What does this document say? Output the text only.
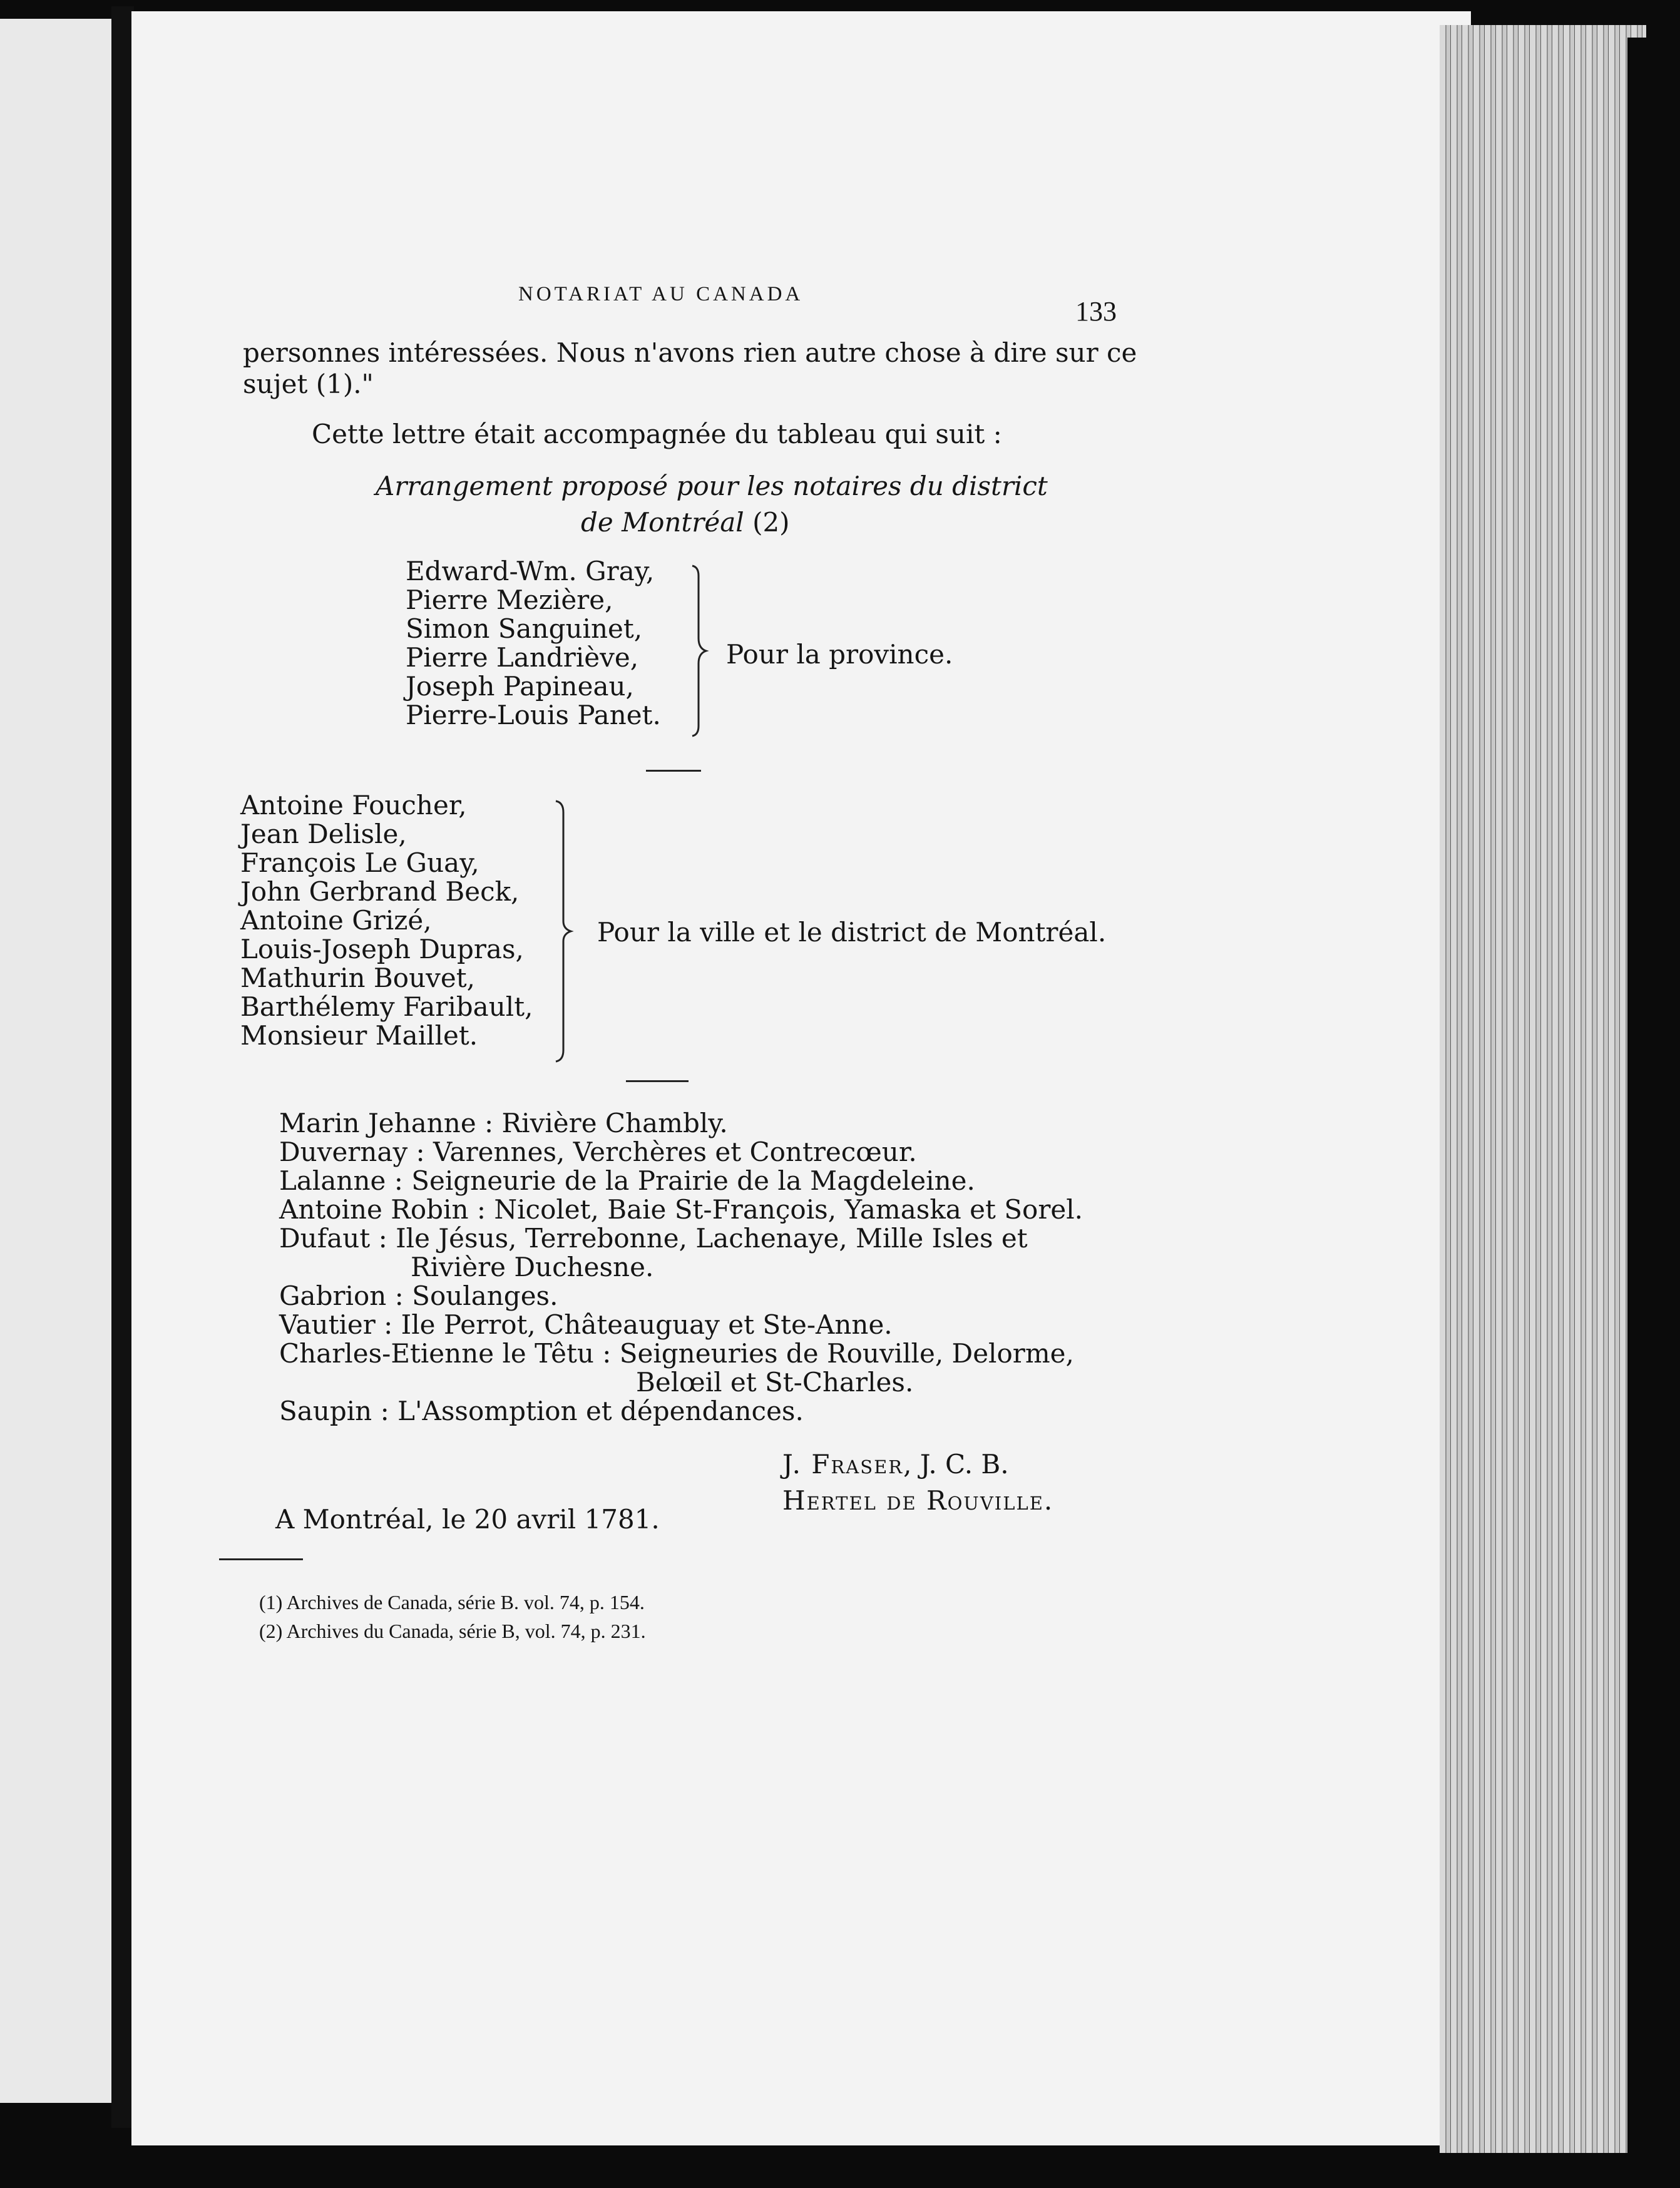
NOTARIAT AU CANADA
133
personnes intéressées. Nous n'avons rien autre chose à dire sur ce
sujet (1)."
Cette lettre était accompagnée du tableau qui suit :
Arrangement proposé pour les notaires du district
de Montréal (2)
Edward-Wm. Gray,
Pierre Mezière,
Simon Sanguinet,
Pierre Landriève,
Joseph Papineau,
Pierre-Louis Panet.
Pour la province.
Antoine Foucher,
Jean Delisle,
François Le Guay,
John Gerbrand Beck,
Antoine Grizé,
Louis-Joseph Dupras,
Mathurin Bouvet,
Barthélemy Faribault,
Monsieur Maillet.
Pour la ville et le district de Montréal.
Marin Jehanne : Rivière Chambly.
Duvernay : Varennes, Verchères et Contrecœur.
Lalanne : Seigneurie de la Prairie de la Magdeleine.
Antoine Robin : Nicolet, Baie St-François, Yamaska et Sorel.
Dufaut : Ile Jésus, Terrebonne, Lachenaye, Mille Isles et
Rivière Duchesne.
Gabrion : Soulanges.
Vautier : Ile Perrot, Châteauguay et Ste-Anne.
Charles-Etienne le Têtu : Seigneuries de Rouville, Delorme,
Belœil et St-Charles.
Saupin : L'Assomption et dépendances.
J. Fraser, J. C. B.
Hertel de Rouville.
A Montréal, le 20 avril 1781.
(1) Archives de Canada, série B. vol. 74, p. 154.
(2) Archives du Canada, série B, vol. 74, p. 231.
